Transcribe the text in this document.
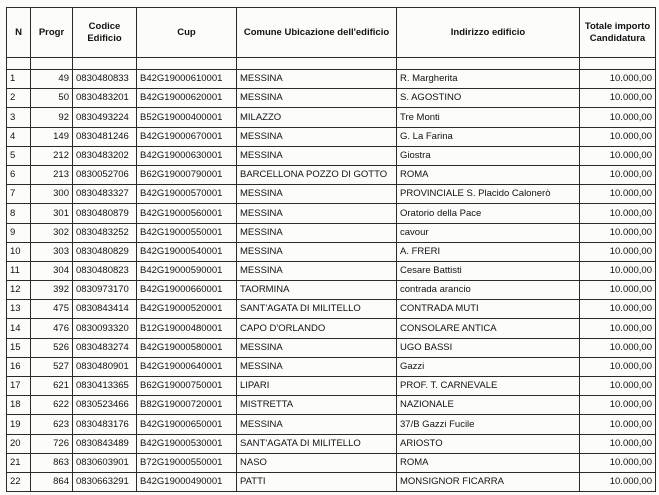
N	Progr	Codice Edificio	Cup	Comune Ubicazione dell'edificio	Indirizzo edificio	Totale importo Candidatura

1	49	0830480833	B42G19000610001	MESSINA	R. Margherita	10.000,00
2	50	0830483201	B42G19000620001	MESSINA	S. AGOSTINO	10.000,00
3	92	0830493224	B52G19000400001	MILAZZO	Tre Monti	10.000,00
4	149	0830481246	B42G19000670001	MESSINA	G. La Farina	10.000,00
5	212	0830483202	B42G19000630001	MESSINA	Giostra	10.000,00
6	213	0830052706	B62G19000790001	BARCELLONA POZZO DI GOTTO	ROMA	10.000,00
7	300	0830483327	B42G19000570001	MESSINA	PROVINCIALE S. Placido Calonerò	10.000,00
8	301	0830480879	B42G19000560001	MESSINA	Oratorio della Pace	10.000,00
9	302	0830483252	B42G19000550001	MESSINA	cavour	10.000,00
10	303	0830480829	B42G19000540001	MESSINA	A. FRERI	10.000,00
11	304	0830480823	B42G19000590001	MESSINA	Cesare Battisti	10.000,00
12	392	0830973170	B42G19000660001	TAORMINA	contrada arancio	10.000,00
13	475	0830843414	B42G19000520001	SANT'AGATA DI MILITELLO	CONTRADA MUTI	10.000,00
14	476	0830093320	B12G19000480001	CAPO D'ORLANDO	CONSOLARE ANTICA	10.000,00
15	526	0830483274	B42G19000580001	MESSINA	UGO BASSI	10.000,00
16	527	0830480901	B42G19000640001	MESSINA	Gazzi	10.000,00
17	621	0830413365	B62G19000750001	LIPARI	PROF. T. CARNEVALE	10.000,00
18	622	0830523466	B82G19000720001	MISTRETTA	NAZIONALE	10.000,00
19	623	0830483176	B42G19000650001	MESSINA	37/B Gazzi Fucile	10.000,00
20	726	0830843489	B42G19000530001	SANT'AGATA DI MILITELLO	ARIOSTO	10.000,00
21	863	0830603901	B72G19000550001	NASO	ROMA	10.000,00
22	864	0830663291	B42G19000490001	PATTI	MONSIGNOR FICARRA	10.000,00
